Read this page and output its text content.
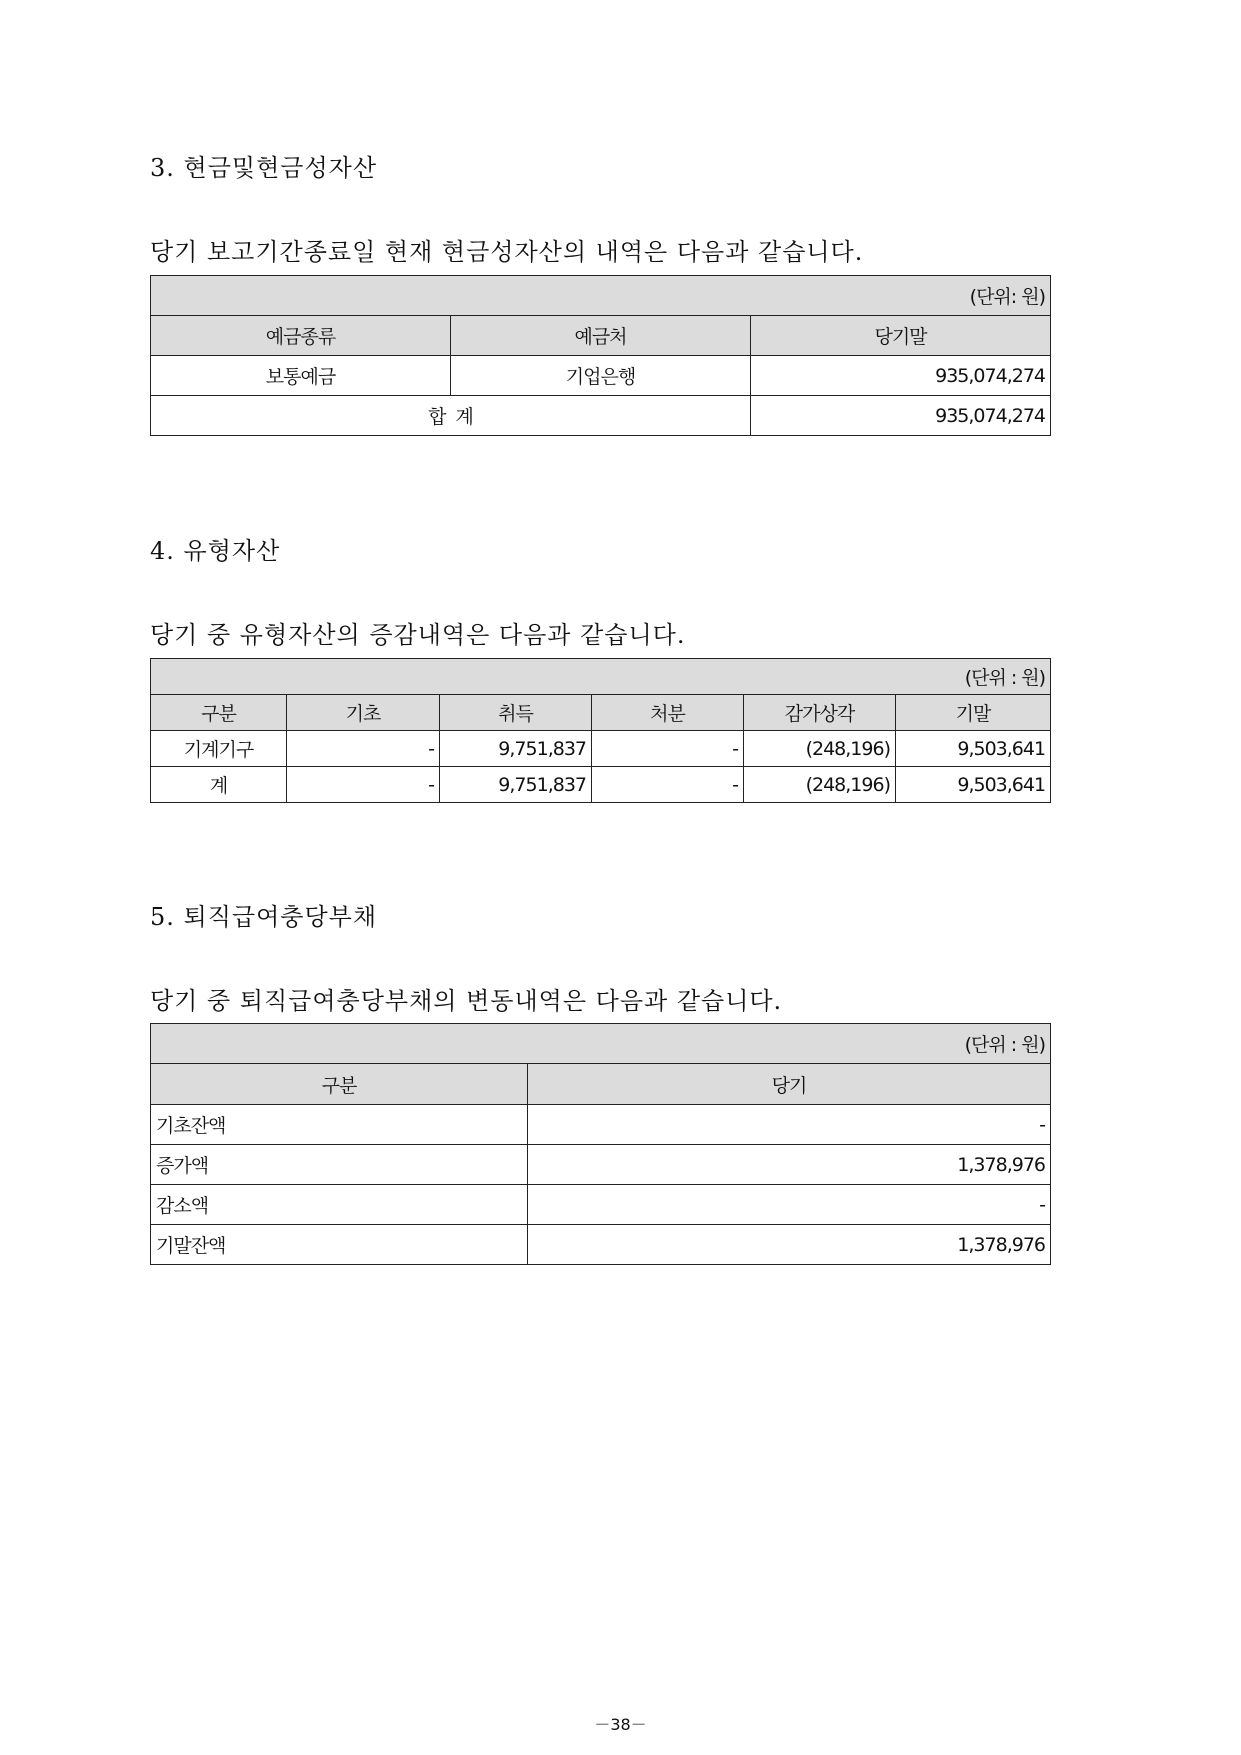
3. 현금및현금성자산
당기 보고기간종료일 현재 현금성자산의 내역은 다음과 같습니다.
(단위: 원)		
예금종류	예금처	당기말
보통예금	기업은행	935,074,274
합  계		935,074,274
4. 유형자산
당기 중 유형자산의 증감내역은 다음과 같습니다.
(단위 : 원)					
구분	기초	취득	처분	감가상각	기말
기계기구	-	9,751,837	-	(248,196)	9,503,641
계	-	9,751,837	-	(248,196)	9,503,641
5. 퇴직급여충당부채
당기 중 퇴직급여충당부채의 변동내역은 다음과 같습니다.
(단위 : 원)	
구분	당기
기초잔액	-
증가액	1,378,976
감소액	-
기말잔액	1,378,976
－38－
